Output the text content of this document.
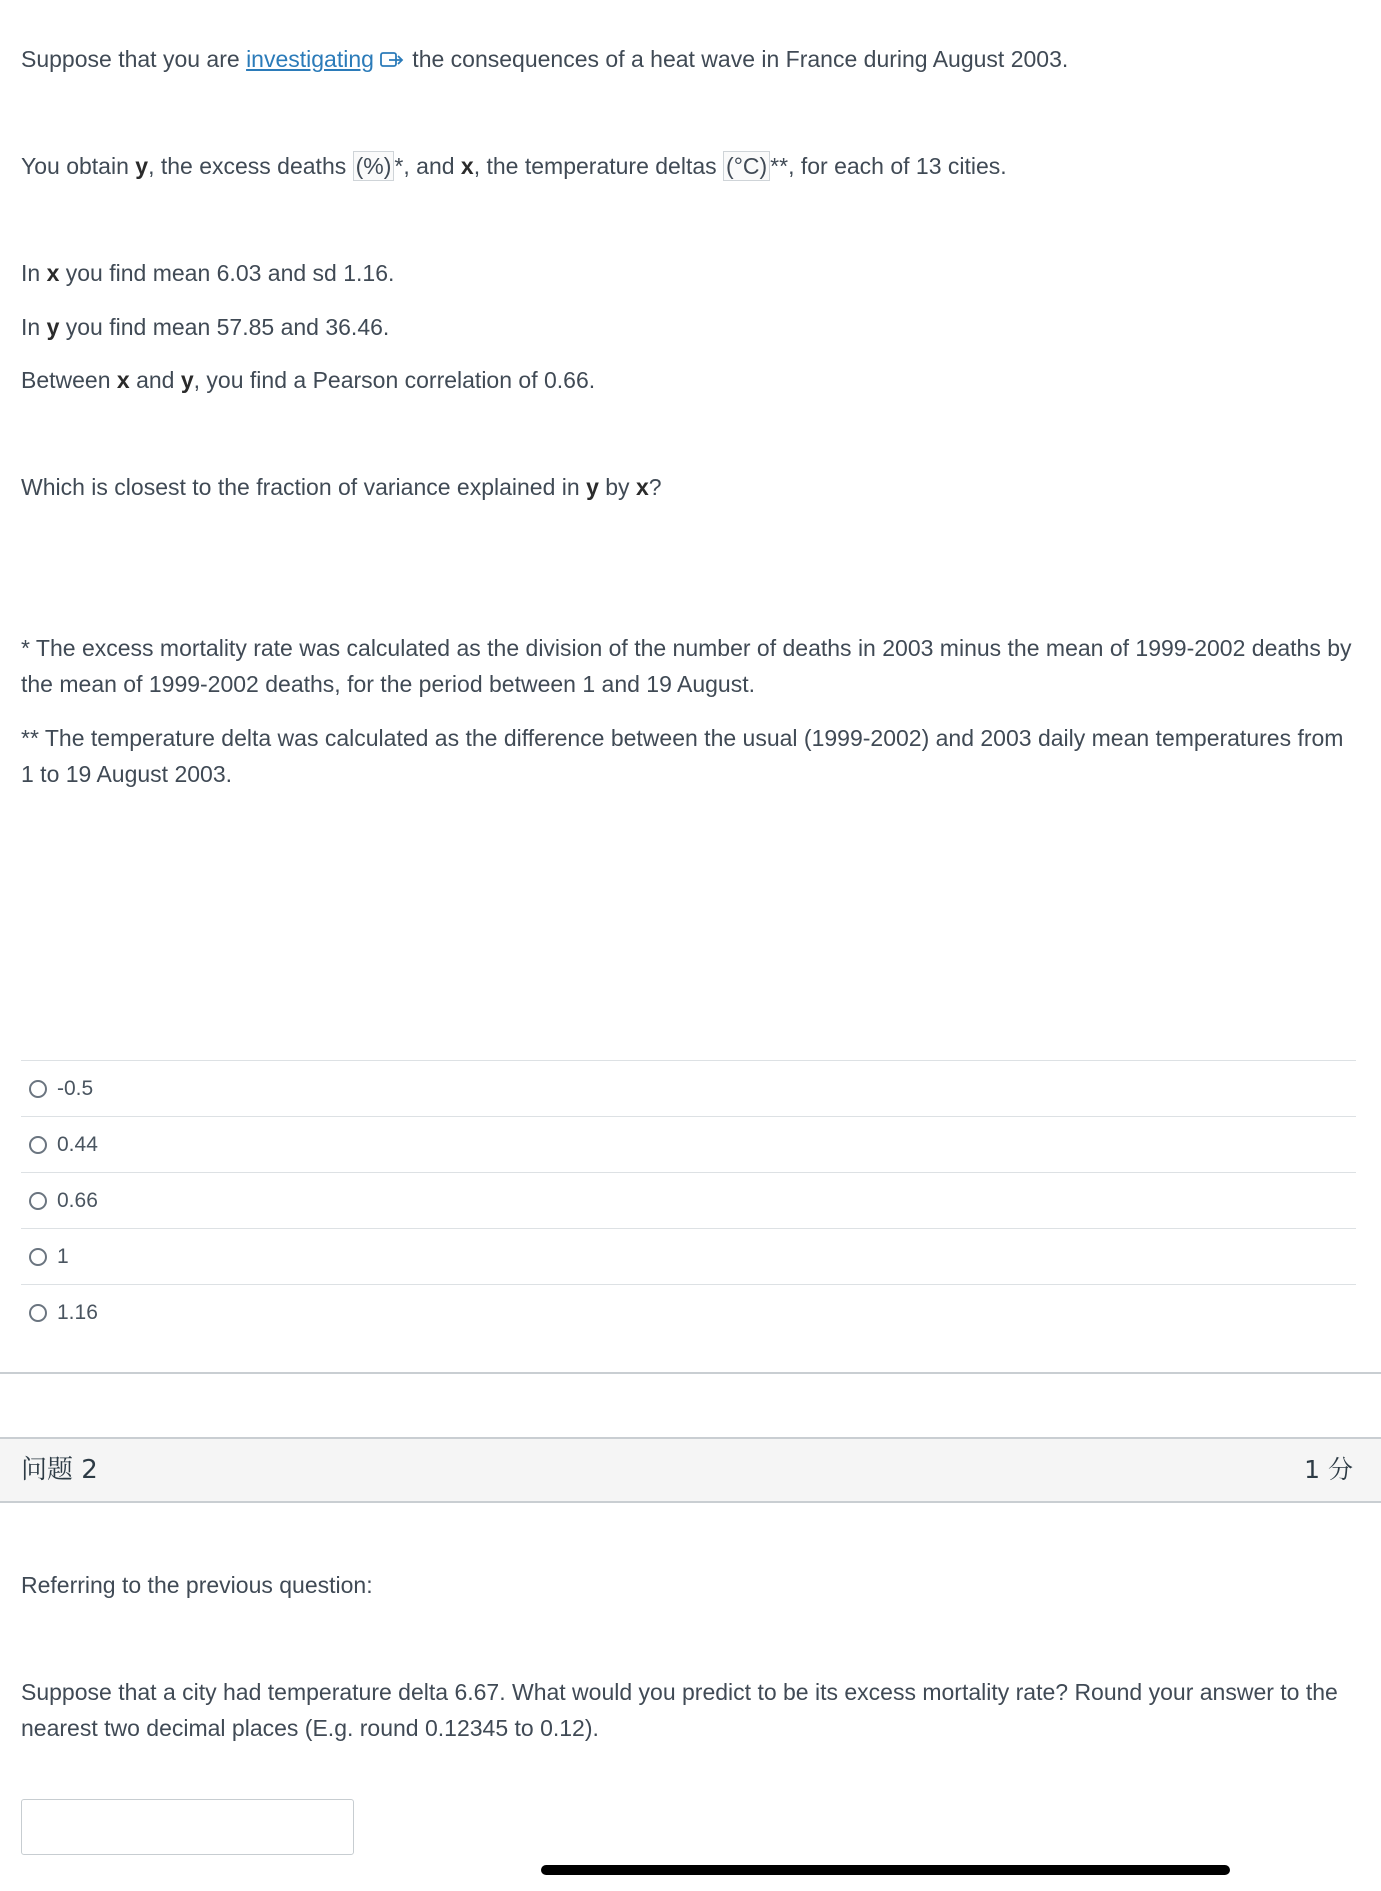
Suppose that you are investigating the consequences of a heat wave in France during August 2003.

You obtain y, the excess deaths (%) *, and x, the temperature deltas (°C) **, for each of 13 cities.

In x you find mean 6.03 and sd 1.16.

In y you find mean 57.85 and 36.46.

Between x and y, you find a Pearson correlation of 0.66.

Which is closest to the fraction of variance explained in y by x?

* The excess mortality rate was calculated as the division of the number of deaths in 2003 minus the mean of 1999-2002 deaths by the mean of 1999-2002 deaths, for the period between 1 and 19 August.

** The temperature delta was calculated as the difference between the usual (1999-2002) and 2003 daily mean temperatures from 1 to 19 August 2003.

-0.5
0.44
0.66
1
1.16
问题 2	1 分

Referring to the previous question:

Suppose that a city had temperature delta 6.67. What would you predict to be its excess mortality rate? Round your answer to the nearest two decimal places (E.g. round 0.12345 to 0.12).
